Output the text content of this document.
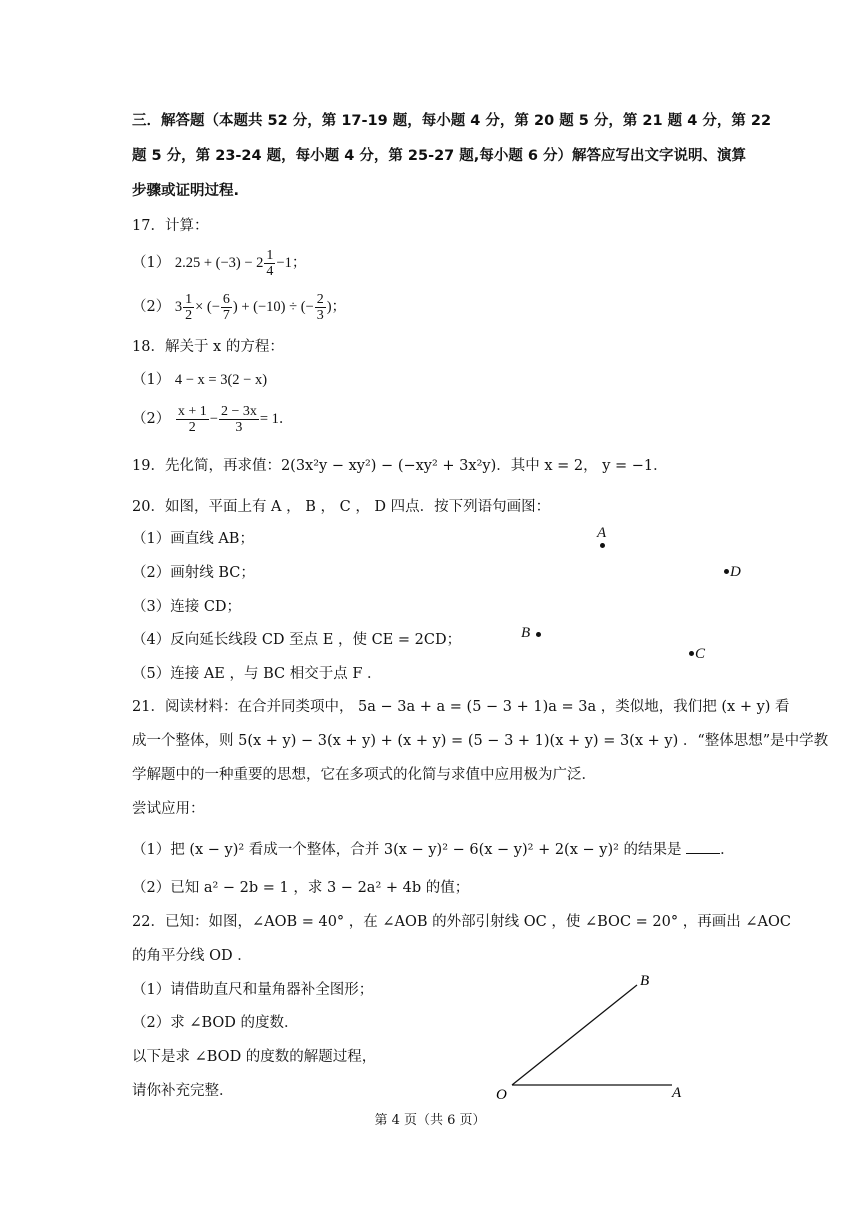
三．解答题（本题共 52 分，第 17-19 题，每小题 4 分，第 20 题 5 分，第 21 题 4 分，第 22
题 5 分，第 23-24 题，每小题 4 分，第 25-27 题,每小题 6 分）解答应写出文字说明、演算
步骤或证明过程.
17．计算：
（1） $2.25 + (-3) - 2 \frac{1}{4} -1$；
（2） $3 \frac{1}{2}$ × (− $\frac{6}{7}$ ) + (−10) ÷ (− $\frac{2}{3}$ )；
18．解关于 x 的方程：
（1） 4 − x = 3(2 − x)
$(2) \frac{x + 1}{2} - \frac{2 - 3x}{3} = 1$．
19．先化简，再求值：2(3x²y − xy²) − (−xy² + 3x²y)．其中 x = 2， y = −1．
20．如图，平面上有 A ， B ， C ， D 四点．按下列语句画图：
（1）画直线 AB；
（2）画射线 BC；
（3）连接 CD；
（4）反向延长线段 CD 至点 E ，使 CE = 2CD；
（5）连接 AE ，与 BC 相交于点 F ．
A
D
B
C
21．阅读材料：在合并同类项中， 5a − 3a + a = (5 − 3 + 1)a = 3a ，类似地，我们把 (x + y) 看
成一个整体，则 5(x + y) − 3(x + y) + (x + y) = (5 − 3 + 1)(x + y) = 3(x + y) ．“整体思想”是中学教
学解题中的一种重要的思想，它在多项式的化简与求值中应用极为广泛．
尝试应用：
（1）把 (x − y)² 看成一个整体，合并 3(x − y)² − 6(x − y)² + 2(x − y)² 的结果是	．
（2）已知 a² − 2b = 1 ，求 3 − 2a² + 4b 的值；
22．已知：如图，∠AOB = 40° ，在 ∠AOB 的外部引射线 OC ，使 ∠BOC = 20° ，再画出 ∠AOC
的角平分线 OD ．
（1）请借助直尺和量角器补全图形；
（2）求 ∠BOD 的度数．
以下是求 ∠BOD 的度数的解题过程，
请你补充完整．
B
O	A
第 4 页（共 6 页）
